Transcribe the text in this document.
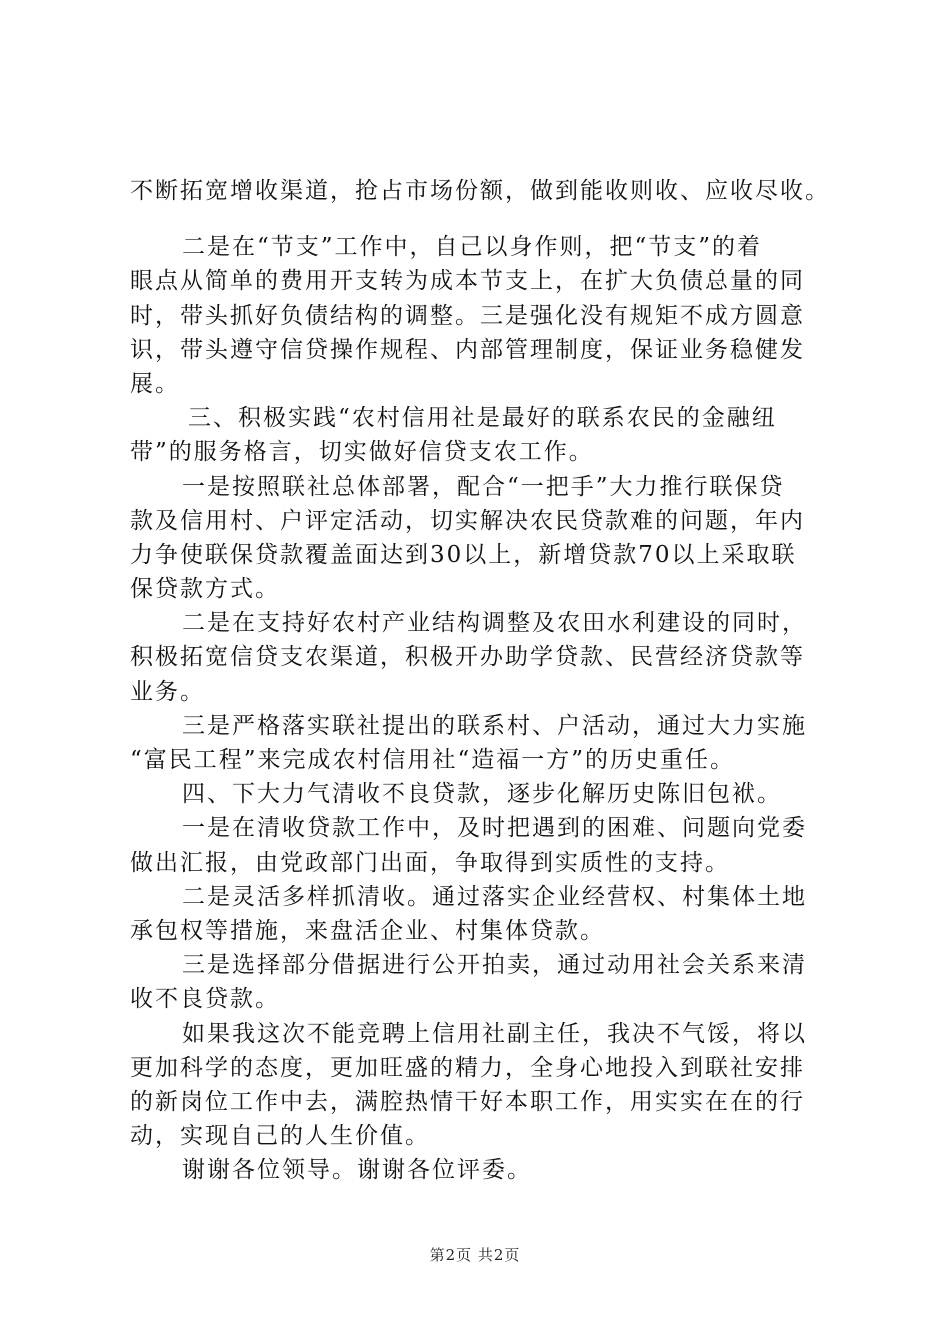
不断拓宽增收渠道，抢占市场份额，做到能收则收、应收尽收。
二是在“节支”工作中，自己以身作则，把“节支”的着
眼点从简单的费用开支转为成本节支上，在扩大负债总量的同
时，带头抓好负债结构的调整。三是强化没有规矩不成方圆意
识，带头遵守信贷操作规程、内部管理制度，保证业务稳健发
展。
三、积极实践“农村信用社是最好的联系农民的金融纽
带”的服务格言，切实做好信贷支农工作。
一是按照联社总体部署，配合“一把手”大力推行联保贷
款及信用村、户评定活动，切实解决农民贷款难的问题，年内
力争使联保贷款覆盖面达到30以上，新增贷款70以上采取联
保贷款方式。
二是在支持好农村产业结构调整及农田水利建设的同时，
积极拓宽信贷支农渠道，积极开办助学贷款、民营经济贷款等
业务。
三是严格落实联社提出的联系村、户活动，通过大力实施
“富民工程”来完成农村信用社“造福一方”的历史重任。
四、下大力气清收不良贷款，逐步化解历史陈旧包袱。
一是在清收贷款工作中，及时把遇到的困难、问题向党委
做出汇报，由党政部门出面，争取得到实质性的支持。
二是灵活多样抓清收。通过落实企业经营权、村集体土地
承包权等措施，来盘活企业、村集体贷款。
三是选择部分借据进行公开拍卖，通过动用社会关系来清
收不良贷款。
如果我这次不能竞聘上信用社副主任，我决不气馁，将以
更加科学的态度，更加旺盛的精力，全身心地投入到联社安排
的新岗位工作中去，满腔热情干好本职工作，用实实在在的行
动，实现自己的人生价值。
谢谢各位领导。谢谢各位评委。
第2页 共2页
